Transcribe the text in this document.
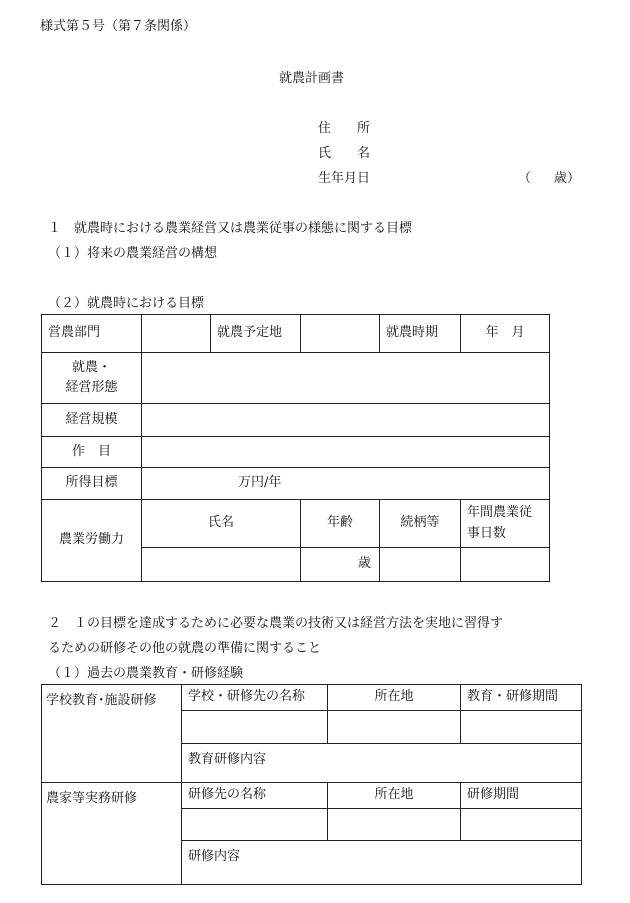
様式第５号（第７条関係）
就農計画書
住　　所
氏　　名
生年月日	（ 歳）
１　就農時における農業経営又は農業従事の様態に関する目標
（１）将来の農業経営の構想
（２）就農時における目標
営農部門		就農予定地		就農時期	年　月
就農・
経営形態					
経営規模					
作　目					
所得目標	万円/年				
農業労働力	氏名		年齢	続柄等	年間農業従
事日数
			歳		
２　１の目標を達成するために必要な農業の技術又は経営方法を実地に習得す
るための研修その他の就農の準備に関すること
（１）過去の農業教育・研修経験
学校教育･施設研修	学校・研修先の名称	所在地	教育・研修期間

	教育研修内容		
農家等実務研修	研修先の名称	所在地	研修期間

	研修内容		
